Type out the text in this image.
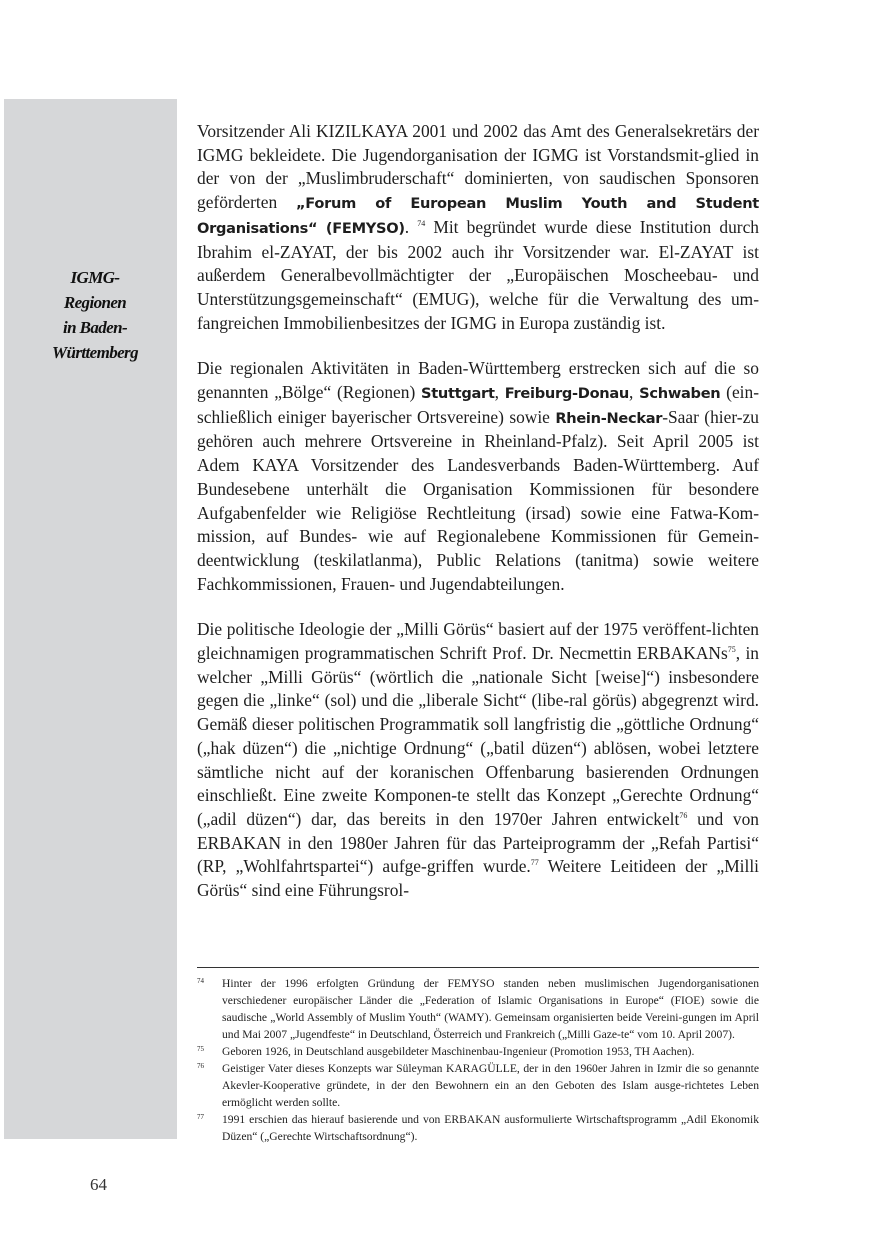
IGMG-
Regionen
in Baden-
Württemberg

Vorsitzender Ali KIZILKAYA 2001 und 2002 das Amt des Generalsekretärs der IGMG bekleidete. Die Jugendorganisation der IGMG ist Vorstandsmit-glied in der von der „Muslimbruderschaft“ dominierten, von saudischen Sponsoren geförderten „Forum of European Muslim Youth and Student Organisations“ (FEMYSO). $^{74}$ Mit begründet wurde diese Institution durch Ibrahim el-ZAYAT, der bis 2002 auch ihr Vorsitzender war. El-ZAYAT ist außerdem Generalbevollmächtigter der „Europäischen Moscheebau- und Unterstützungsgemeinschaft“ (EMUG), welche für die Verwaltung des um-fangreichen Immobilienbesitzes der IGMG in Europa zuständig ist.

Die regionalen Aktivitäten in Baden-Württemberg erstrecken sich auf die so genannten „Bölge“ (Regionen) Stuttgart, Freiburg-Donau, Schwaben (ein-schließlich einiger bayerischer Ortsvereine) sowie Rhein-Neckar-Saar (hier-zu gehören auch mehrere Ortsvereine in Rheinland-Pfalz). Seit April 2005 ist Adem KAYA Vorsitzender des Landesverbands Baden-Württemberg. Auf Bundesebene unterhält die Organisation Kommissionen für besondere Aufgabenfelder wie Religiöse Rechtleitung (irsad) sowie eine Fatwa-Kom-mission, auf Bundes- wie auf Regionalebene Kommissionen für Gemein-deentwicklung (teskilatlanma), Public Relations (tanitma) sowie weitere Fachkommissionen, Frauen- und Jugendabteilungen.

Die politische Ideologie der „Milli Görüs“ basiert auf der 1975 veröffent-lichten gleichnamigen programmatischen Schrift Prof. Dr. Necmettin ERBAKANs$^{75}$, in welcher „Milli Görüs“ (wörtlich die „nationale Sicht [weise]“) insbesondere gegen die „linke“ (sol) und die „liberale Sicht“ (libe-ral görüs) abgegrenzt wird. Gemäß dieser politischen Programmatik soll langfristig die „göttliche Ordnung“ („hak düzen“) die „nichtige Ordnung“ („batil düzen“) ablösen, wobei letztere sämtliche nicht auf der koranischen Offenbarung basierenden Ordnungen einschließt. Eine zweite Komponen-te stellt das Konzept „Gerechte Ordnung“ („adil düzen“) dar, das bereits in den 1970er Jahren entwickelt$^{76}$ und von ERBAKAN in den 1980er Jahren für das Parteiprogramm der „Refah Partisi“ (RP, „Wohlfahrtspartei“) aufge-griffen wurde.$^{77}$ Weitere Leitideen der „Milli Görüs“ sind eine Führungsrol-

74 Hinter der 1996 erfolgten Gründung der FEMYSO standen neben muslimischen Jugendorganisationen verschiedener europäischer Länder die „Federation of Islamic Organisations in Europe“ (FIOE) sowie die saudische „World Assembly of Muslim Youth“ (WAMY). Gemeinsam organisierten beide Vereini-gungen im April und Mai 2007 „Jugendfeste“ in Deutschland, Österreich und Frankreich („Milli Gaze-te“ vom 10. April 2007).

75 Geboren 1926, in Deutschland ausgebildeter Maschinenbau-Ingenieur (Promotion 1953, TH Aachen).

76 Geistiger Vater dieses Konzepts war Süleyman KARAGÜLLE, der in den 1960er Jahren in Izmir die so genannte Akevler-Kooperative gründete, in der den Bewohnern ein an den Geboten des Islam ausge-richtetes Leben ermöglicht werden sollte.

77 1991 erschien das hierauf basierende und von ERBAKAN ausformulierte Wirtschaftsprogramm „Adil Ekonomik Düzen“ („Gerechte Wirtschaftsordnung“).

64
